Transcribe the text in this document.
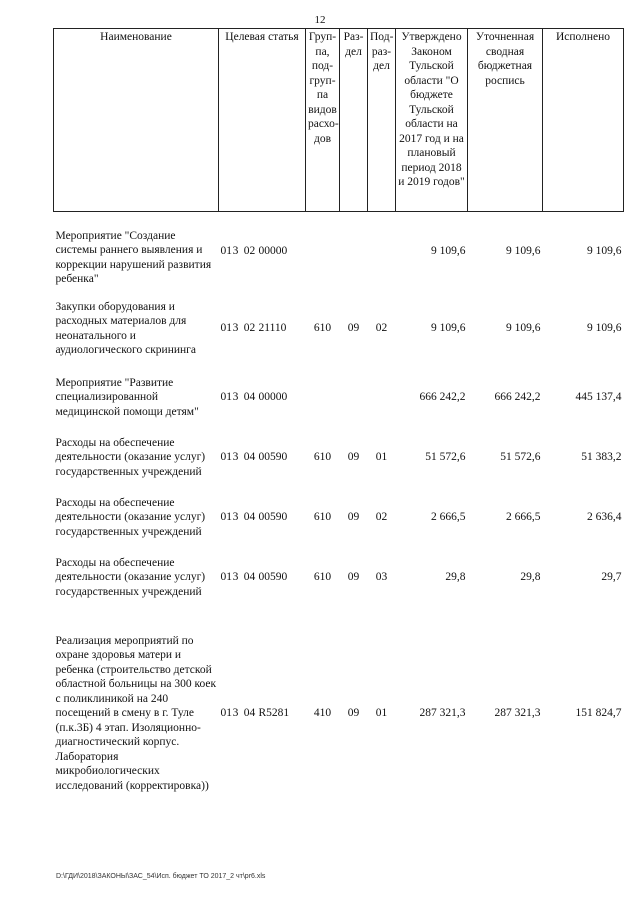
12
Наименование	Целевая статья	Груп-па, под-груп-па видов расхо-дов	Раз-дел	Под-раз-дел	Утверждено Законом Тульской области "О бюджете Тульской области на 2017 год и на плановый период 2018 и 2019 годов"	Уточненная сводная бюджетная роспись	Исполнено
Мероприятие "Создание системы раннего выявления и коррекции нарушений развития ребенка"	013 02 00000				9 109,6	9 109,6	9 109,6
Закупки оборудования и расходных материалов для неонатального и аудиологического скрининга	013 02 21110	610	09	02	9 109,6	9 109,6	9 109,6
Мероприятие "Развитие специализированной медицинской помощи детям"	013 04 00000				666 242,2	666 242,2	445 137,4
Расходы на обеспечение деятельности (оказание услуг) государственных учреждений	013 04 00590	610	09	01	51 572,6	51 572,6	51 383,2
Расходы на обеспечение деятельности (оказание услуг) государственных учреждений	013 04 00590	610	09	02	2 666,5	2 666,5	2 636,4
Расходы на обеспечение деятельности (оказание услуг) государственных учреждений	013 04 00590	610	09	03	29,8	29,8	29,7
Реализация мероприятий по охране здоровья матери и ребенка (строительство детской областной больницы на 300 коек с поликлиникой на 240 посещений в смену в г. Туле (п.к.3Б) 4 этап. Изоляционно-диагностический корпус. Лаборатория микробиологических исследований (корректировка))	013 04 R5281	410	09	01	287 321,3	287 321,3	151 824,7
D:\ГДИ\2018\ЗАКОНЫ\ЗАС_54\Исп. бюджет ТО 2017_2 чт\pr6.xls
